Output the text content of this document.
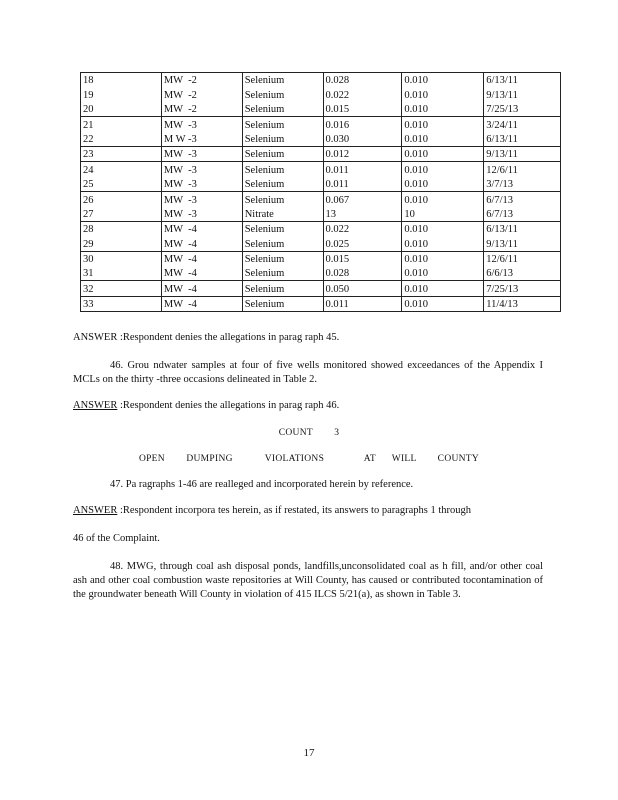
18	MW  -2	Selenium	0.028	0.010	6/13/11
19	MW  -2	Selenium	0.022	0.010	9/13/11
20	MW  -2	Selenium	0.015	0.010	7/25/13
21	MW  -3	Selenium	0.016	0.010	3/24/11
22	M W -3	Selenium	0.030	0.010	6/13/11
23	MW  -3	Selenium	0.012	0.010	9/13/11
24	MW  -3	Selenium	0.011	0.010	12/6/11
25	MW  -3	Selenium	0.011	0.010	3/7/13
26	MW  -3	Selenium	0.067	0.010	6/7/13
27	MW  -3	Nitrate	13	10	6/7/13
28	MW  -4	Selenium	0.022	0.010	6/13/11
29	MW  -4	Selenium	0.025	0.010	9/13/11
30	MW  -4	Selenium	0.015	0.010	12/6/11
31	MW  -4	Selenium	0.028	0.010	6/6/13
32	MW  -4	Selenium	0.050	0.010	7/25/13
33	MW  -4	Selenium	0.011	0.010	11/4/13
ANSWER :Respondent denies the allegations in parag raph 45.
46. Grou ndwater samples at four of five wells monitored showed exceedances of the Appendix I MCLs on the thirty -three occasions delineated in Table 2.
ANSWER :Respondent denies the allegations in parag raph 46.
COUNT        3
OPEN        DUMPING            VIOLATIONS               AT      WILL        COUNTY
47. Pa ragraphs 1-46 are realleged and incorporated herein by reference.
ANSWER :Respondent incorpora tes herein, as if restated, its answers to paragraphs 1 through
46 of the Complaint.
48. MWG, through coal ash disposal ponds, landfills,unconsolidated coal as h fill, and/or other coal ash and other coal combustion waste repositories at Will County, has caused or contributed tocontamination of the groundwater beneath Will County in violation of 415 ILCS 5/21(a), as shown in Table 3.
17
